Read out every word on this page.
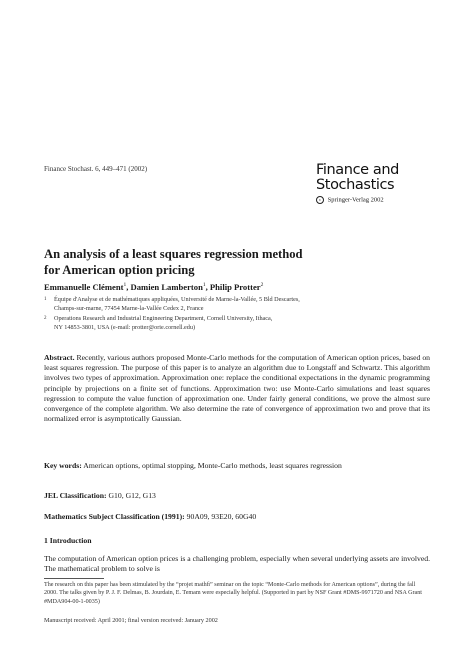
Finance Stochast. 6, 449–471 (2002)	Finance and
Stochastics
c Springer-Verlag 2002
An analysis of a least squares regression method
for American option pricing
Emmanuelle Clément$^1$, Damien Lamberton$^1$, Philip Protter$^2$
1 Équipe d'Analyse et de mathématiques appliquées, Université de Marne-la-Vallée, 5 Bld Descartes,
Champs-sur-marne, 77454 Marne-la-Vallée Cedex 2, France
2 Operations Research and Industrial Engineering Department, Cornell University, Ithaca,
NY 14853-3801, USA (e-mail: protter@orie.cornell.edu)
Abstract. Recently, various authors proposed Monte-Carlo methods for the computation of American option prices, based on least squares regression. The purpose of this paper is to analyze an algorithm due to Longstaff and Schwartz. This algorithm involves two types of approximation. Approximation one: replace the conditional expectations in the dynamic programming principle by projections on a finite set of functions. Approximation two: use Monte-Carlo simulations and least squares regression to compute the value function of approximation one. Under fairly general conditions, we prove the almost sure convergence of the complete algorithm. We also determine the rate of convergence of approximation two and prove that its normalized error is asymptotically Gaussian.
Key words: American options, optimal stopping, Monte-Carlo methods, least squares regression
JEL Classification: G10, G12, G13
Mathematics Subject Classification (1991): 90A09, 93E20, 60G40
1 Introduction
The computation of American option prices is a challenging problem, especially when several underlying assets are involved. The mathematical problem to solve is
The research on this paper has been stimulated by the “projet mathﬁ” seminar on the topic “Monte-Carlo methods for American options”, during the fall 2000. The talks given by P. J. F. Delmas, B. Jourdain, E. Temam were especially helpful. (Supported in part by NSF Grant #DMS-9971720 and NSA Grant #MDA904-00-1-0035)
Manuscript received: April 2001; final version received: January 2002
